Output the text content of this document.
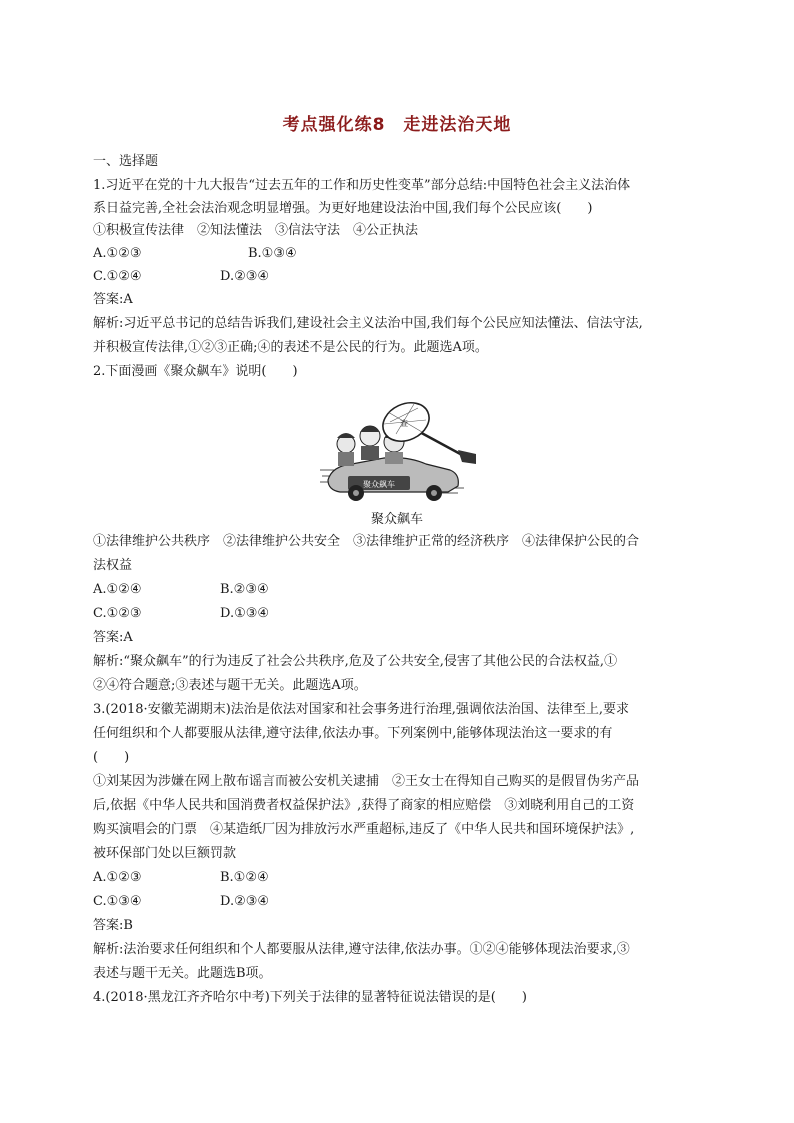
考点强化练8　走进法治天地
一、选择题
1.习近平在党的十九大报告“过去五年的工作和历史性变革”部分总结:中国特色社会主义法治体
系日益完善,全社会法治观念明显增强。为更好地建设法治中国,我们每个公民应该(　　)
①积极宣传法律　②知法懂法　③信法守法　④公正执法
A.①②③	B.①③④
C.①②④	D.②③④
答案:A
解析:习近平总书记的总结告诉我们,建设社会主义法治中国,我们每个公民应知法懂法、信法守法,
并积极宣传法律,①②③正确;④的表述不是公民的行为。此题选A项。
2.下面漫画《聚众飙车》说明(　　)
聚众飙车
查
聚众飙车
①法律维护公共秩序　②法律维护公共安全　③法律维护正常的经济秩序　④法律保护公民的合
法权益
A.①②④	B.②③④
C.①②③	D.①③④
答案:A
解析:“聚众飙车”的行为违反了社会公共秩序,危及了公共安全,侵害了其他公民的合法权益,①
②④符合题意;③表述与题干无关。此题选A项。
3.(2018·安徽芜湖期末)法治是依法对国家和社会事务进行治理,强调依法治国、法律至上,要求
任何组织和个人都要服从法律,遵守法律,依法办事。下列案例中,能够体现法治这一要求的有
(　　)
①刘某因为涉嫌在网上散布谣言而被公安机关逮捕　②王女士在得知自己购买的是假冒伪劣产品
后,依据《中华人民共和国消费者权益保护法》,获得了商家的相应赔偿　③刘晓利用自己的工资
购买演唱会的门票　④某造纸厂因为排放污水严重超标,违反了《中华人民共和国环境保护法》,
被环保部门处以巨额罚款
A.①②③	B.①②④
C.①③④	D.②③④
答案:B
解析:法治要求任何组织和个人都要服从法律,遵守法律,依法办事。①②④能够体现法治要求,③
表述与题干无关。此题选B项。
4.(2018·黑龙江齐齐哈尔中考)下列关于法律的显著特征说法错误的是(　　)
